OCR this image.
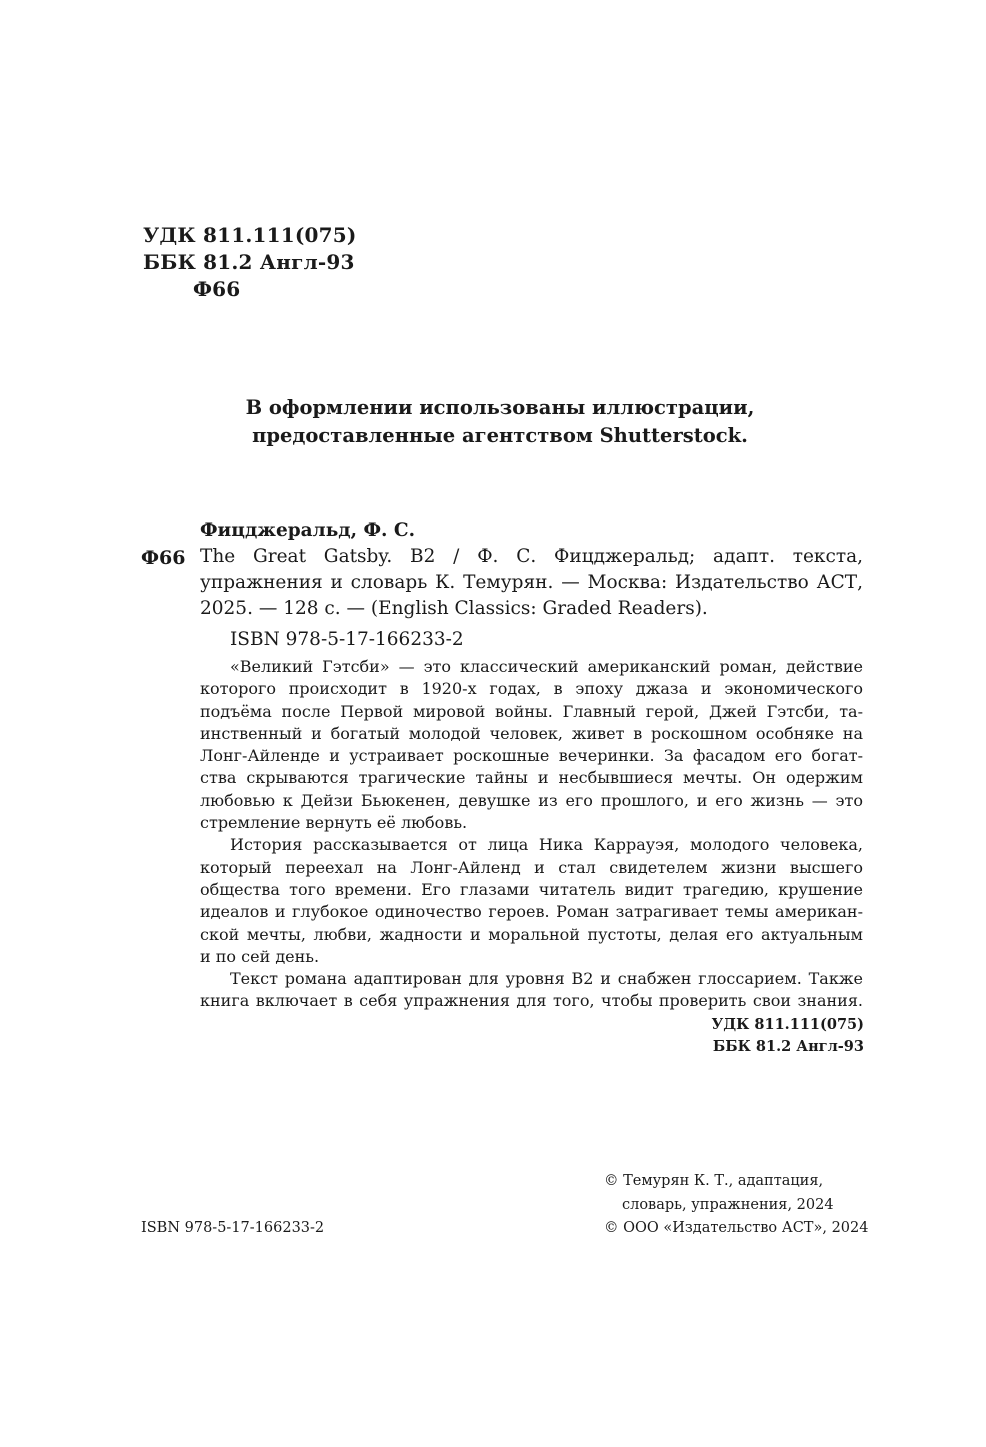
УДК 811.111(075)
ББК 81.2 Англ-93
Ф66
В оформлении использованы иллюстрации,
предоставленные агентством Shutterstock.
Фицджеральд, Ф. С.
Ф66 The Great Gatsby. B2 / Ф. С. Фицджеральд; адапт. текста,
упражнения и словарь К. Темурян. — Москва: Издательство АСТ,
2025. — 128 с. — (English Classics: Graded Readers).
ISBN 978-5-17-166233-2
«Великий Гэтсби» — это классический американский роман, действие
которого происходит в 1920-х годах, в эпоху джаза и экономического
подъёма после Первой мировой войны. Главный герой, Джей Гэтсби, та-
инственный и богатый молодой человек, живет в роскошном особняке на
Лонг-Айленде и устраивает роскошные вечеринки. За фасадом его богат-
ства скрываются трагические тайны и несбывшиеся мечты. Он одержим
любовью к Дейзи Бьюкенен, девушке из его прошлого, и его жизнь — это
стремление вернуть её любовь.
История рассказывается от лица Ника Каррауэя, молодого человека,
который переехал на Лонг-Айленд и стал свидетелем жизни высшего
общества того времени. Его глазами читатель видит трагедию, крушение
идеалов и глубокое одиночество героев. Роман затрагивает темы американ-
ской мечты, любви, жадности и моральной пустоты, делая его актуальным
и по сей день.
Текст романа адаптирован для уровня B2 и снабжен глоссарием. Также
книга включает в себя упражнения для того, чтобы проверить свои знания.
УДК 811.111(075)
ББК 81.2 Англ-93
ISBN 978-5-17-166233-2
© Темурян К. Т., адаптация,
словарь, упражнения, 2024
© ООО «Издательство АСТ», 2024
